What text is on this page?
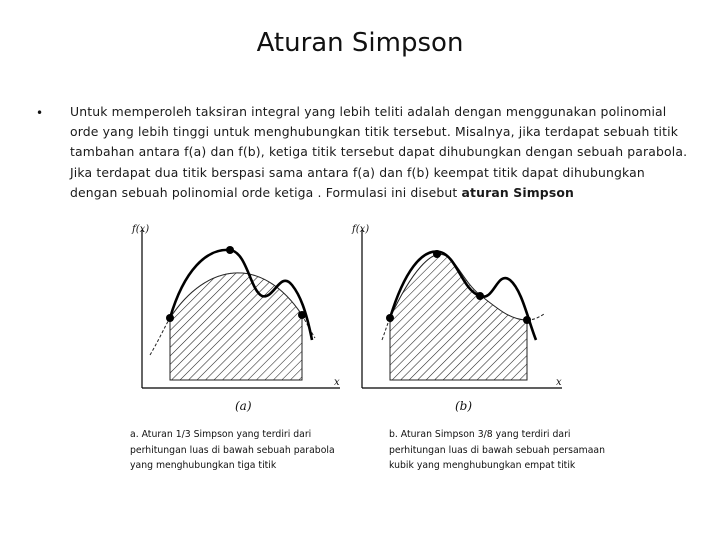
Aturan Simpson
• Untuk memperoleh taksiran integral yang lebih teliti adalah dengan menggunakan polinomial orde yang lebih tinggi untuk menghubungkan titik tersebut. Misalnya, jika terdapat sebuah titik tambahan antara f(a) dan f(b), ketiga titik tersebut dapat dihubungkan dengan sebuah parabola. Jika terdapat dua titik berspasi sama antara f(a) dan f(b) keempat titik dapat dihubungkan dengan sebuah polinomial orde ketiga . Formulasi ini disebut aturan Simpson
f(x)
x
(a)
f(x)
x
(b)
a. Aturan 1/3 Simpson yang terdiri dari perhitungan luas di bawah sebuah parabola yang menghubungkan tiga titik
b. Aturan Simpson 3/8 yang terdiri dari perhitungan luas di bawah sebuah persamaan kubik yang menghubungkan empat titik
